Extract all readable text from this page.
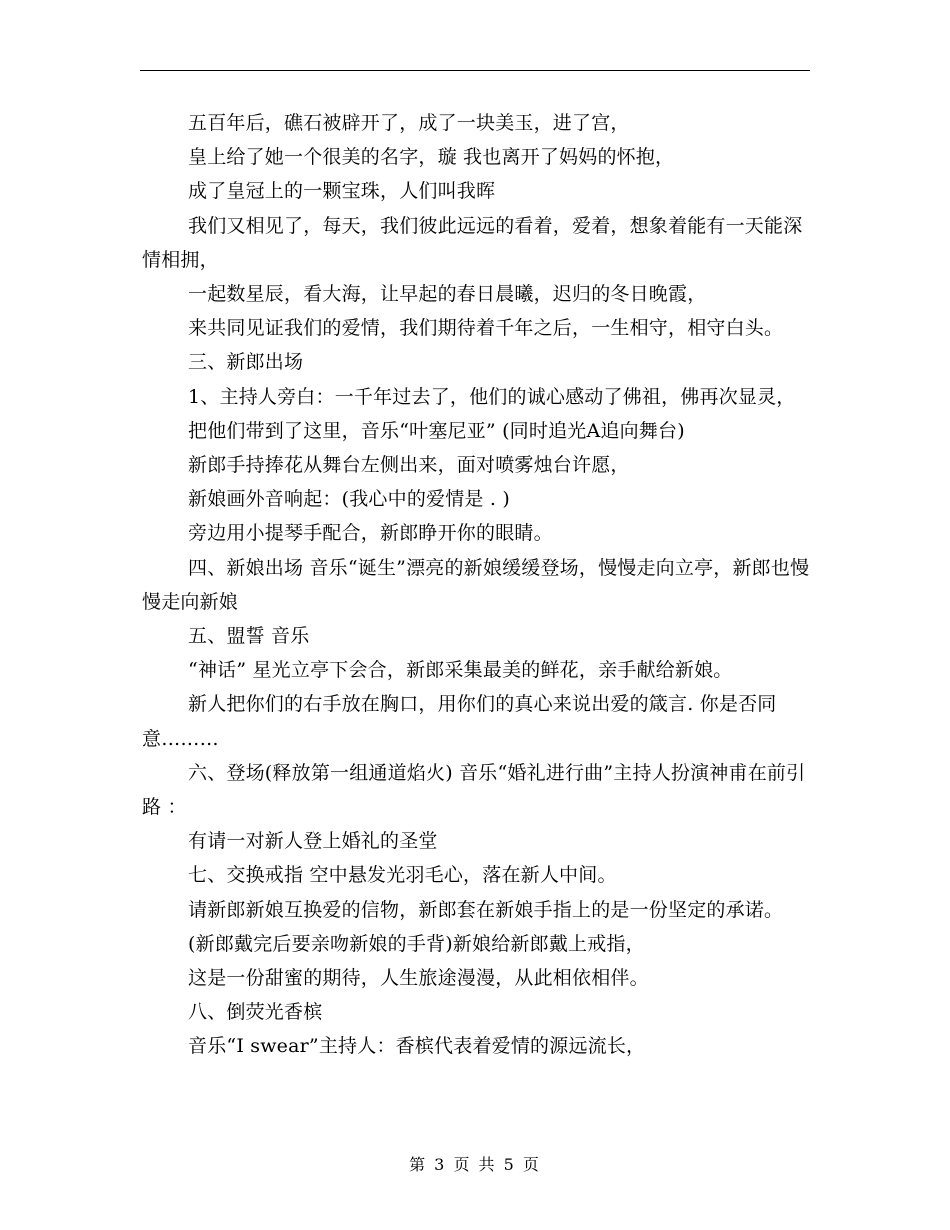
五百年后，礁石被辟开了，成了一块美玉，进了宫，

皇上给了她一个很美的名字，璇 我也离开了妈妈的怀抱，

成了皇冠上的一颗宝珠，人们叫我晖

我们又相见了，每天，我们彼此远远的看着，爱着，想象着能有一天能深情相拥，

一起数星辰，看大海，让早起的春日晨曦，迟归的冬日晚霞，

来共同见证我们的爱情，我们期待着千年之后，一生相守，相守白头。

三、新郎出场

1、主持人旁白：一千年过去了，他们的诚心感动了佛祖，佛再次显灵，

把他们带到了这里，音乐“叶塞尼亚” (同时追光A追向舞台)

新郎手持捧花从舞台左侧出来，面对喷雾烛台许愿，

新娘画外音响起：(我心中的爱情是 . )

旁边用小提琴手配合，新郎睁开你的眼睛。

四、新娘出场 音乐“诞生”漂亮的新娘缓缓登场，慢慢走向立亭，新郎也慢慢走向新娘

五、盟誓 音乐

“神话” 星光立亭下会合，新郎采集最美的鲜花，亲手献给新娘。

新人把你们的右手放在胸口，用你们的真心来说出爱的箴言. 你是否同意………

六、登场(释放第一组通道焰火) 音乐“婚礼进行曲”主持人扮演神甫在前引路 ：

有请一对新人登上婚礼的圣堂

七、交换戒指 空中悬发光羽毛心，落在新人中间。

请新郎新娘互换爱的信物，新郎套在新娘手指上的是一份坚定的承诺。

(新郎戴完后要亲吻新娘的手背)新娘给新郎戴上戒指，

这是一份甜蜜的期待，人生旅途漫漫，从此相依相伴。

八、倒荧光香槟

音乐“I swear”主持人：香槟代表着爱情的源远流长，

第 3 页 共 5 页
